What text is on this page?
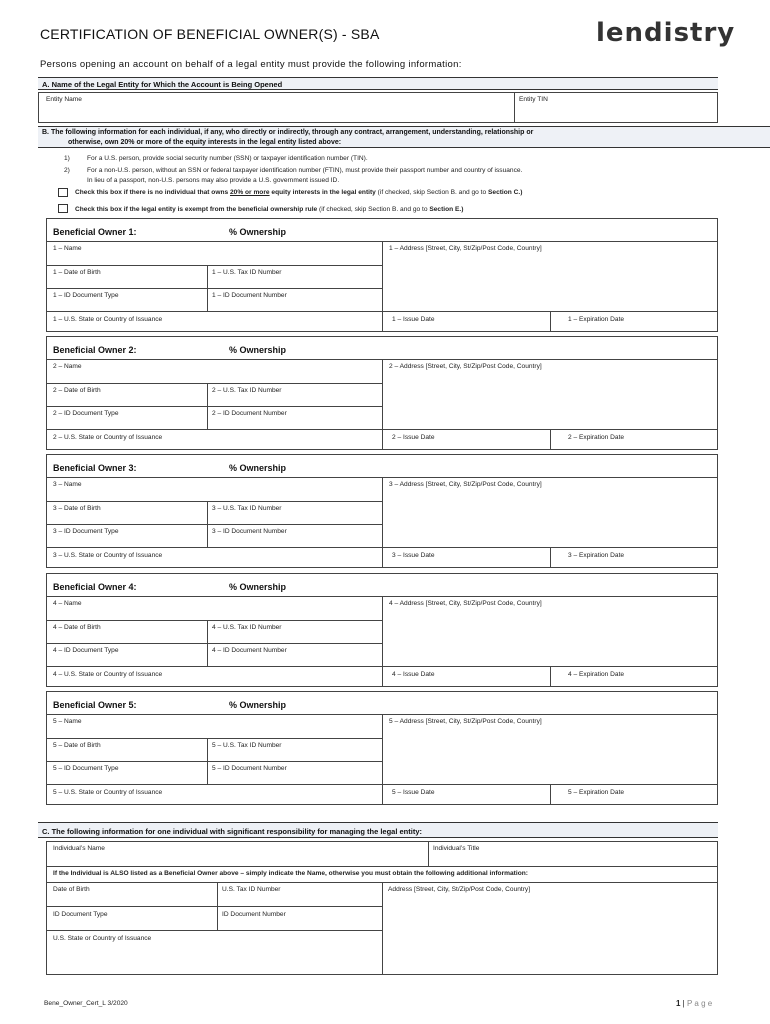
CERTIFICATION OF BENEFICIAL OWNER(S) - SBA	lendistry
Persons opening an account on behalf of a legal entity must provide the following information:
A. Name of the Legal Entity for Which the Account is Being Opened
Entity Name	Entity TIN
B. The following information for each individual, if any, who directly or indirectly, through any contract, arrangement, understanding, relationship or
otherwise, own 20% or more of the equity interests in the legal entity listed above:
1)	For a U.S. person, provide social security number (SSN) or taxpayer identification number (TIN).
2)	For a non-U.S. person, without an SSN or federal taxpayer identification number (FTIN), must provide their passport number and country of issuance.
In lieu of a passport, non-U.S. persons may also provide a U.S. government issued ID.
Check this box if there is no individual that owns 20% or more equity interests in the legal entity (if checked, skip Section B. and go to Section C.)
Check this box if the legal entity is exempt from the beneficial ownership rule (if checked, skip Section B. and go to Section E.)
Beneficial Owner 1:	% Ownership
1 – Name	1 – Address [Street, City, St/Zip/Post Code, Country]
1 – Date of Birth	1 – U.S. Tax ID Number
1 – ID Document Type	1 – ID Document Number
1 – U.S. State or Country of Issuance	1 – Issue Date	1 – Expiration Date
Beneficial Owner 2:	% Ownership
2 – Name	2 – Address [Street, City, St/Zip/Post Code, Country]
2 – Date of Birth	2 – U.S. Tax ID Number
2 – ID Document Type	2 – ID Document Number
2 – U.S. State or Country of Issuance	2 – Issue Date	2 – Expiration Date
Beneficial Owner 3:	% Ownership
3 – Name	3 – Address [Street, City, St/Zip/Post Code, Country]
3 – Date of Birth	3 – U.S. Tax ID Number
3 – ID Document Type	3 – ID Document Number
3 – U.S. State or Country of Issuance	3 – Issue Date	3 – Expiration Date
Beneficial Owner 4:	% Ownership
4 – Name	4 – Address [Street, City, St/Zip/Post Code, Country]
4 – Date of Birth	4 – U.S. Tax ID Number
4 – ID Document Type	4 – ID Document Number
4 – U.S. State or Country of Issuance	4 – Issue Date	4 – Expiration Date
Beneficial Owner 5:	% Ownership
5 – Name	5 – Address [Street, City, St/Zip/Post Code, Country]
5 – Date of Birth	5 – U.S. Tax ID Number
5 – ID Document Type	5 – ID Document Number
5 – U.S. State or Country of Issuance	5 – Issue Date	5 – Expiration Date
C. The following information for one individual with significant responsibility for managing the legal entity:
Individual’s Name	Individual’s Title
If the Individual is ALSO listed as a Beneficial Owner above – simply indicate the Name, otherwise you must obtain the following additional information:
Date of Birth	U.S. Tax ID Number	Address [Street, City, St/Zip/Post Code, Country]
ID Document Type	ID Document Number
U.S. State or Country of Issuance
Bene_Owner_Cert_L 3/2020	1 | P a g e
